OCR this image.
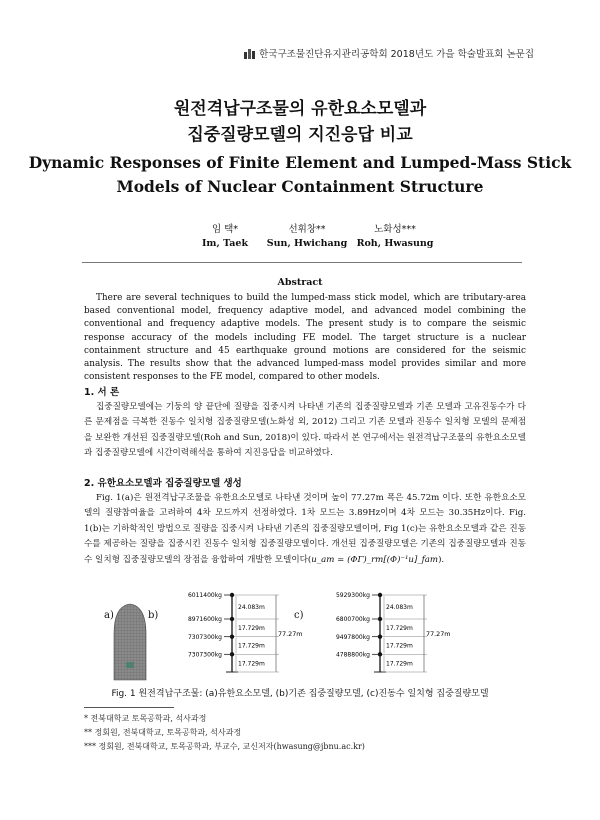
한국구조물진단유지관리공학회 2018년도 가을 학술발표회 논문집
원전격납구조물의 유한요소모델과
집중질량모델의 지진응답 비교
Dynamic Responses of Finite Element and Lumped-Mass Stick
Models of Nuclear Containment Structure
임 택*
Im, Taek
선휘창**
Sun, Hwichang
노화성***
Roh, Hwasung
Abstract

There are several techniques to build the lumped-mass stick model, which are tributary-area based conventional model, frequency adaptive model, and advanced model combining the conventional and frequency adaptive models. The present study is to compare the seismic response accuracy of the models including FE model. The target structure is a nuclear containment structure and 45 earthquake ground motions are considered for the seismic analysis. The results show that the advanced lumped-mass model provides similar and more consistent responses to the FE model, compared to other models.

1. 서 론

집중질량모델에는 기둥의 양 끝단에 질량을 집중시켜 나타낸 기존의 집중질량모델과 기존 모델과 고유진동수가 다른 문제점을 극복한 진동수 일치형 집중질량모델(노화성 외, 2012) 그리고 기존 모델과 진동수 일치형 모델의 문제점을 보완한 개선된 집중질량모델(Roh and Sun, 2018)이 있다. 따라서 본 연구에서는 원전격납구조물의 유한요소모델과 집중질량모델에 시간이력해석을 통하여 지진응답을 비교하였다.

2. 유한요소모델과 집중질량모델 생성

Fig. 1(a)은 원전격납구조물을 유한요소모델로 나타낸 것이며 높이 77.27m 폭은 45.72m 이다. 또한 유한요소모델의 질량참여율을 고려하여 4차 모드까지 선정하였다. 1차 모드는 3.89Hz이며 4차 모드는 30.35Hz이다. Fig. 1(b)는 기하학적인 방법으로 질량을 집중시켜 나타낸 기존의 집중질량모델이며, Fig 1(c)는 유한요소모델과 같은 진동수를 제공하는 질량을 집중시킨 진동수 일치형 집중질량모델이다. 개선된 집중질량모델은 기존의 집중질량모델과 진동수 일치형 집중질량모델의 장점을 융합하여 개발한 모델이다(u_am = (ΦΓ)_rm[(Φ)⁻¹u]_fam).

a)	b)	c)
6011400kg
8971600kg
7307300kg
7307300kg
24.083m
17.729m
17.729m
17.729m
77.27m
5929300kg
6800700kg
9497800kg
4788800kg
24.083m
17.729m
17.729m
17.729m
77.27m
Fig. 1 원전격납구조물: (a)유한요소모델, (b)기존 집중질량모델, (c)진동수 일치형 집중질량모델
* 전북대학교 토목공학과, 석사과정
** 정회원, 전북대학교, 토목공학과, 석사과정
*** 정회원, 전북대학교, 토목공학과, 부교수, 교신저자(hwasung@jbnu.ac.kr)
